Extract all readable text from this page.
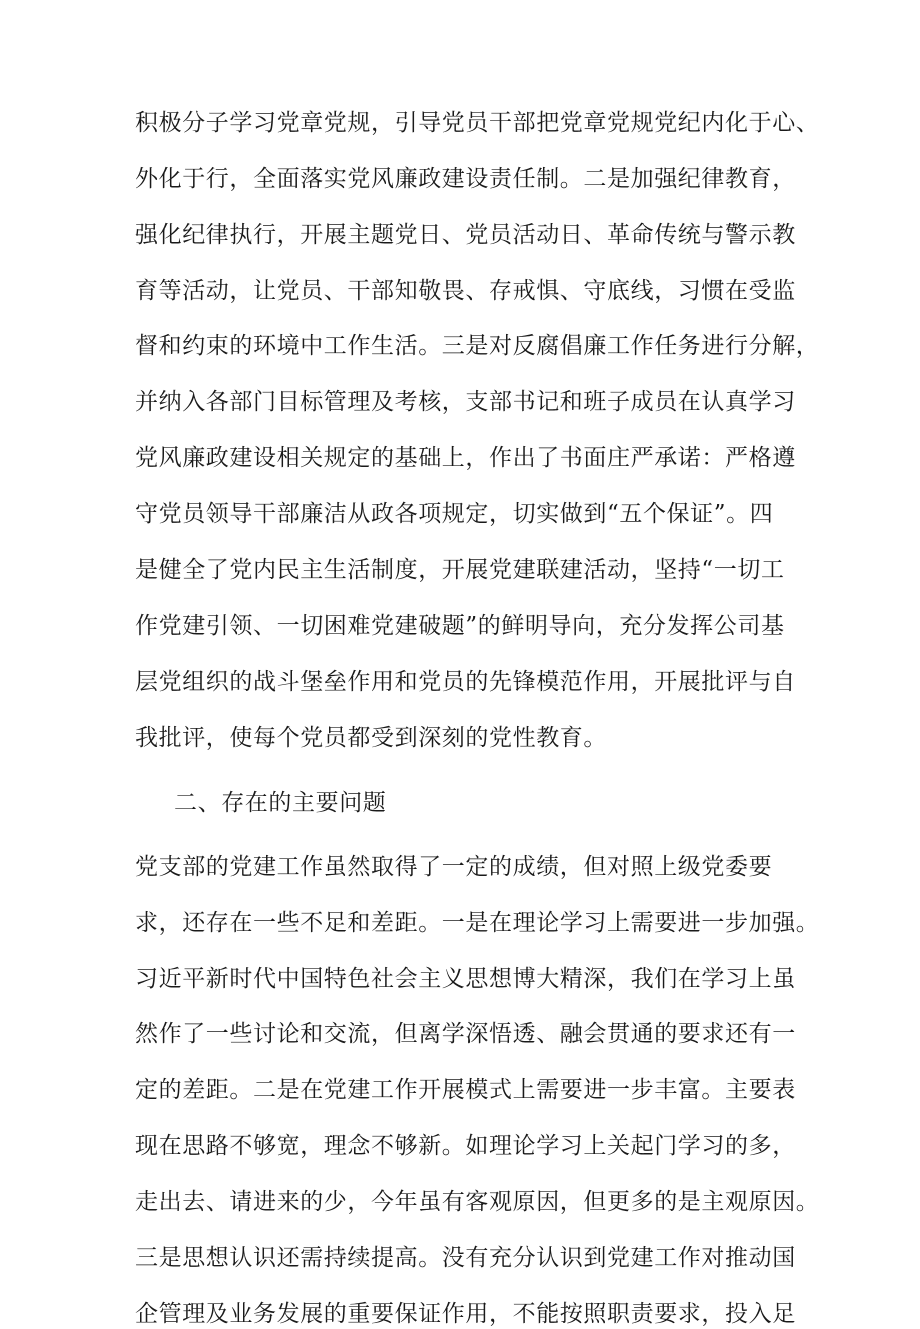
积极分子学习党章党规，引导党员干部把党章党规党纪内化于心、
外化于行，全面落实党风廉政建设责任制。二是加强纪律教育，
强化纪律执行，开展主题党日、党员活动日、革命传统与警示教
育等活动，让党员、干部知敬畏、存戒惧、守底线，习惯在受监
督和约束的环境中工作生活。三是对反腐倡廉工作任务进行分解，
并纳入各部门目标管理及考核，支部书记和班子成员在认真学习
党风廉政建设相关规定的基础上，作出了书面庄严承诺：严格遵
守党员领导干部廉洁从政各项规定，切实做到“五个保证”。四
是健全了党内民主生活制度，开展党建联建活动，坚持“一切工
作党建引领、一切困难党建破题”的鲜明导向，充分发挥公司基
层党组织的战斗堡垒作用和党员的先锋模范作用，开展批评与自
我批评，使每个党员都受到深刻的党性教育。
二、存在的主要问题
党支部的党建工作虽然取得了一定的成绩，但对照上级党委要
求，还存在一些不足和差距。一是在理论学习上需要进一步加强。
习近平新时代中国特色社会主义思想博大精深，我们在学习上虽
然作了一些讨论和交流，但离学深悟透、融会贯通的要求还有一
定的差距。二是在党建工作开展模式上需要进一步丰富。主要表
现在思路不够宽，理念不够新。如理论学习上关起门学习的多，
走出去、请进来的少，今年虽有客观原因，但更多的是主观原因。
三是思想认识还需持续提高。没有充分认识到党建工作对推动国
企管理及业务发展的重要保证作用，不能按照职责要求，投入足
